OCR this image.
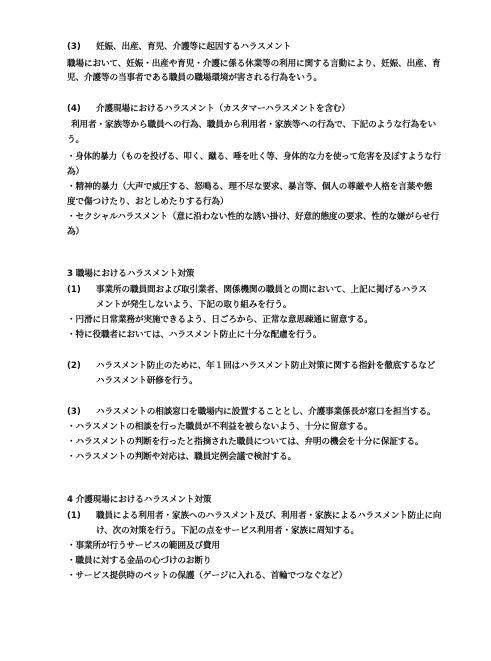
(3) 妊娠、出産、育児、介護等に起因するハラスメント
職場において、妊娠・出産や育児・介護に係る休業等の利用に関する言動により、妊娠、出産、育
児、介護等の当事者である職員の職場環境が害される行為をいう。
(4) 介護現場におけるハラスメント（カスタマーハラスメントを含む）
利用者・家族等から職員への行為、職員から利用者・家族等への行為で、下記のような行為をい
う。
・身体的暴力（ものを投げる、叩く、蹴る、唾を吐く等、身体的な力を使って危害を及ぼすような行
為）
・精神的暴力（大声で威圧する、怒鳴る、理不尽な要求、暴言等、個人の尊厳や人格を言葉や態
度で傷つけたり、おとしめたりする行為）
・セクシャルハラスメント（意に沿わない性的な誘い掛け、好意的態度の要求、性的な嫌がらせ行
為）
3 職場におけるハラスメント対策
(1) 事業所の職員間および取引業者、関係機関の職員との間において、上記に掲げるハラス
メントが発生しないよう、下記の取り組みを行う。
・円滑に日常業務が実施できるよう、日ごろから、正常な意思疎通に留意する。
・特に役職者においては、ハラスメント防止に十分な配慮を行う。
(2) ハラスメント防止のために、年１回はハラスメント防止対策に関する指針を徹底するなど
ハラスメント研修を行う。
(3) ハラスメントの相談窓口を職場内に設置することとし、介護事業係長が窓口を担当する。
・ハラスメントの相談を行った職員が不利益を被らないよう、十分に留意する。
・ハラスメントの判断を行ったと指摘された職員については、弁明の機会を十分に保証する。
・ハラスメントの判断や対応は、職員定例会議で検討する。
4 介護現場におけるハラスメント対策
(1) 職員による利用者・家族へのハラスメント及び、利用者・家族によるハラスメント防止に向
け、次の対策を行う。下記の点をサービス利用者・家族に周知する。
・事業所が行うサービスの範囲及び費用
・職員に対する金品の心づけのお断り
・サービス提供時のペットの保護（ゲージに入れる、首輪でつなぐなど）
